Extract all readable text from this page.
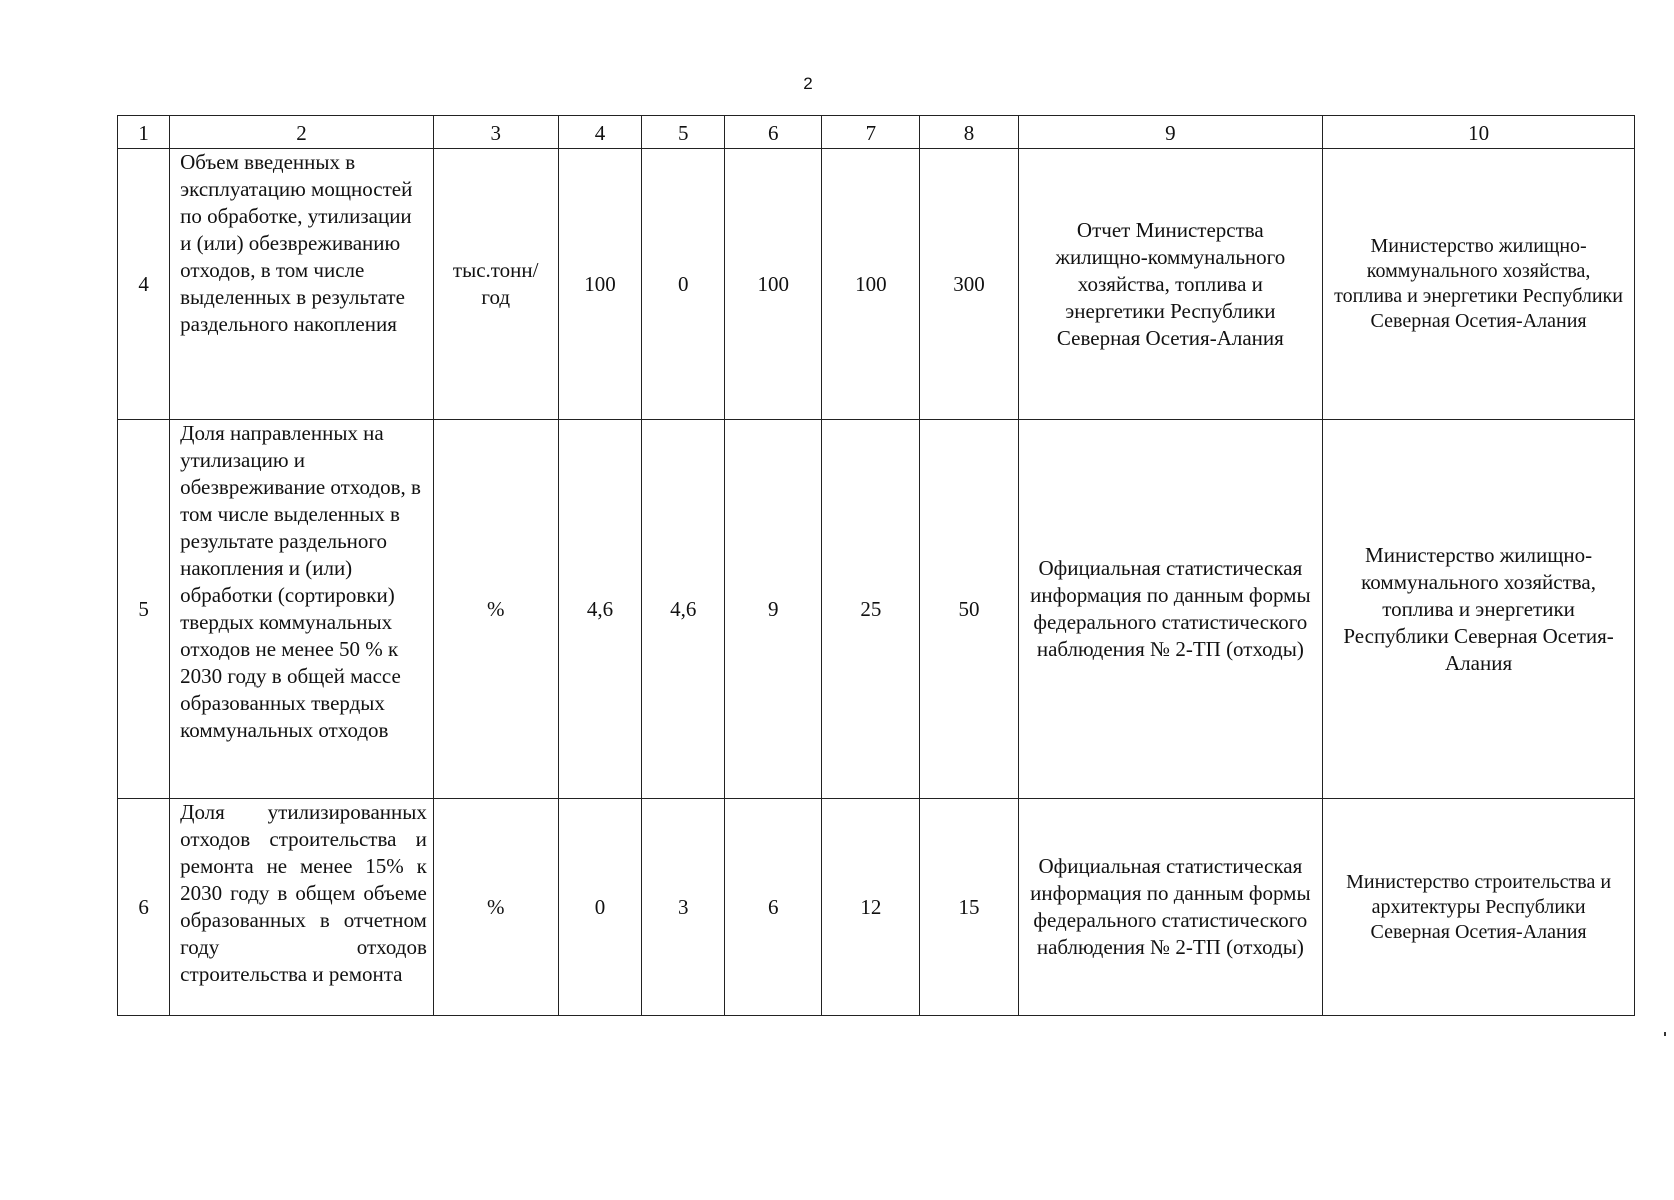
2
1	2	3	4	5	6	7	8	9	10
4	Объем введенных в эксплуатацию мощностей по обработке, утилизации и (или) обезвреживанию отходов, в том числе выделенных в результате раздельного накопления	тыс.тонн/ год	100	0	100	100	300	Отчет Министерства жилищно-коммунального хозяйства, топлива и энергетики Республики Северная Осетия-Алания	Министерство жилищно-коммунального хозяйства, топлива и энергетики Республики Северная Осетия-Алания
5	Доля направленных на утилизацию и обезвреживание отходов, в том числе выделенных в результате раздельного накопления и (или) обработки (сортировки) твердых коммунальных отходов не менее 50 % к 2030 году в общей массе образованных твердых коммунальных отходов	%	4,6	4,6	9	25	50	Официальная статистическая информация по данным формы федерального статистического наблюдения № 2-ТП (отходы)	Министерство жилищно-коммунального хозяйства, топлива и энергетики Республики Северная Осетия-Алания
6	Доля утилизированных отходов строительства и ремонта не менее 15% к 2030 году в общем объеме образованных в отчетном году отходов строительства и ремонта	%	0	3	6	12	15	Официальная статистическая информация по данным формы федерального статистического наблюдения № 2-ТП (отходы)	Министерство строительства и архитектуры Республики Северная Осетия-Алания
